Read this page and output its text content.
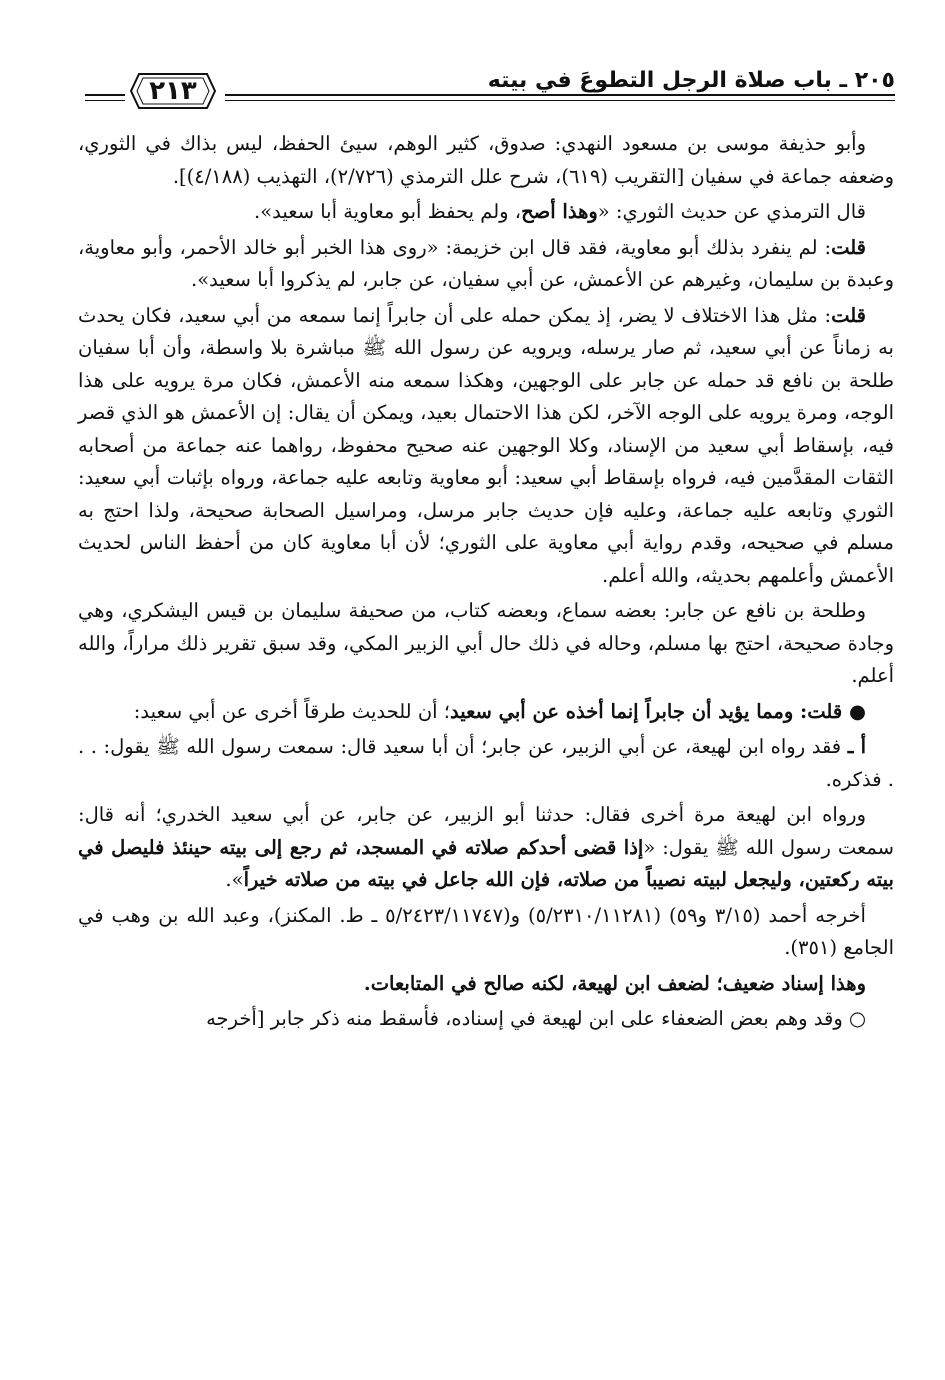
٢٠٥ ـ باب صلاة الرجل التطوعَ في بيته
٢١٣

وأبو حذيفة موسى بن مسعود النهدي: صدوق، كثير الوهم، سيئ الحفظ، ليس بذاك في الثوري، وضعفه جماعة في سفيان [التقريب (٦١٩)، شرح علل الترمذي (٢/٧٢٦)، التهذيب (٤/١٨٨)].

قال الترمذي عن حديث الثوري: «وهذا أصح، ولم يحفظ أبو معاوية أبا سعيد».

قلت: لم ينفرد بذلك أبو معاوية، فقد قال ابن خزيمة: «روى هذا الخبر أبو خالد الأحمر، وأبو معاوية، وعبدة بن سليمان، وغيرهم عن الأعمش، عن أبي سفيان، عن جابر، لم يذكروا أبا سعيد».

قلت: مثل هذا الاختلاف لا يضر، إذ يمكن حمله على أن جابراً إنما سمعه من أبي سعيد، فكان يحدث به زماناً عن أبي سعيد، ثم صار يرسله، ويرويه عن رسول الله ﷺ مباشرة بلا واسطة، وأن أبا سفيان طلحة بن نافع قد حمله عن جابر على الوجهين، وهكذا سمعه منه الأعمش، فكان مرة يرويه على هذا الوجه، ومرة يرويه على الوجه الآخر، لكن هذا الاحتمال بعيد، ويمكن أن يقال: إن الأعمش هو الذي قصر فيه، بإسقاط أبي سعيد من الإسناد، وكلا الوجهين عنه صحيح محفوظ، رواهما عنه جماعة من أصحابه الثقات المقدَّمين فيه، فرواه بإسقاط أبي سعيد: أبو معاوية وتابعه عليه جماعة، ورواه بإثبات أبي سعيد: الثوري وتابعه عليه جماعة، وعليه فإن حديث جابر مرسل، ومراسيل الصحابة صحيحة، ولذا احتج به مسلم في صحيحه، وقدم رواية أبي معاوية على الثوري؛ لأن أبا معاوية كان من أحفظ الناس لحديث الأعمش وأعلمهم بحديثه، والله أعلم.

وطلحة بن نافع عن جابر: بعضه سماع، وبعضه كتاب، من صحيفة سليمان بن قيس اليشكري، وهي وجادة صحيحة، احتج بها مسلم، وحاله في ذلك حال أبي الزبير المكي، وقد سبق تقرير ذلك مراراً، والله أعلم.

● قلت: ومما يؤيد أن جابراً إنما أخذه عن أبي سعيد؛ أن للحديث طرقاً أخرى عن أبي سعيد:

أ ـ فقد رواه ابن لهيعة، عن أبي الزبير، عن جابر؛ أن أبا سعيد قال: سمعت رسول الله ﷺ يقول: . . . فذكره.

ورواه ابن لهيعة مرة أخرى فقال: حدثنا أبو الزبير، عن جابر، عن أبي سعيد الخدري؛ أنه قال: سمعت رسول الله ﷺ يقول: «إذا قضى أحدكم صلاته في المسجد، ثم رجع إلى بيته حينئذ فليصل في بيته ركعتين، وليجعل لبيته نصيباً من صلاته، فإن الله جاعل في بيته من صلاته خيراً».

أخرجه أحمد (٣/١٥ و٥٩) (٥/٢٣١٠/١١٢٨١) و(٥/٢٤٢٣/١١٧٤٧ ـ ط. المكنز)، وعبد الله بن وهب في الجامع (٣٥١).

وهذا إسناد ضعيف؛ لضعف ابن لهيعة، لكنه صالح في المتابعات.

○ وقد وهم بعض الضعفاء على ابن لهيعة في إسناده، فأسقط منه ذكر جابر [أخرجه
